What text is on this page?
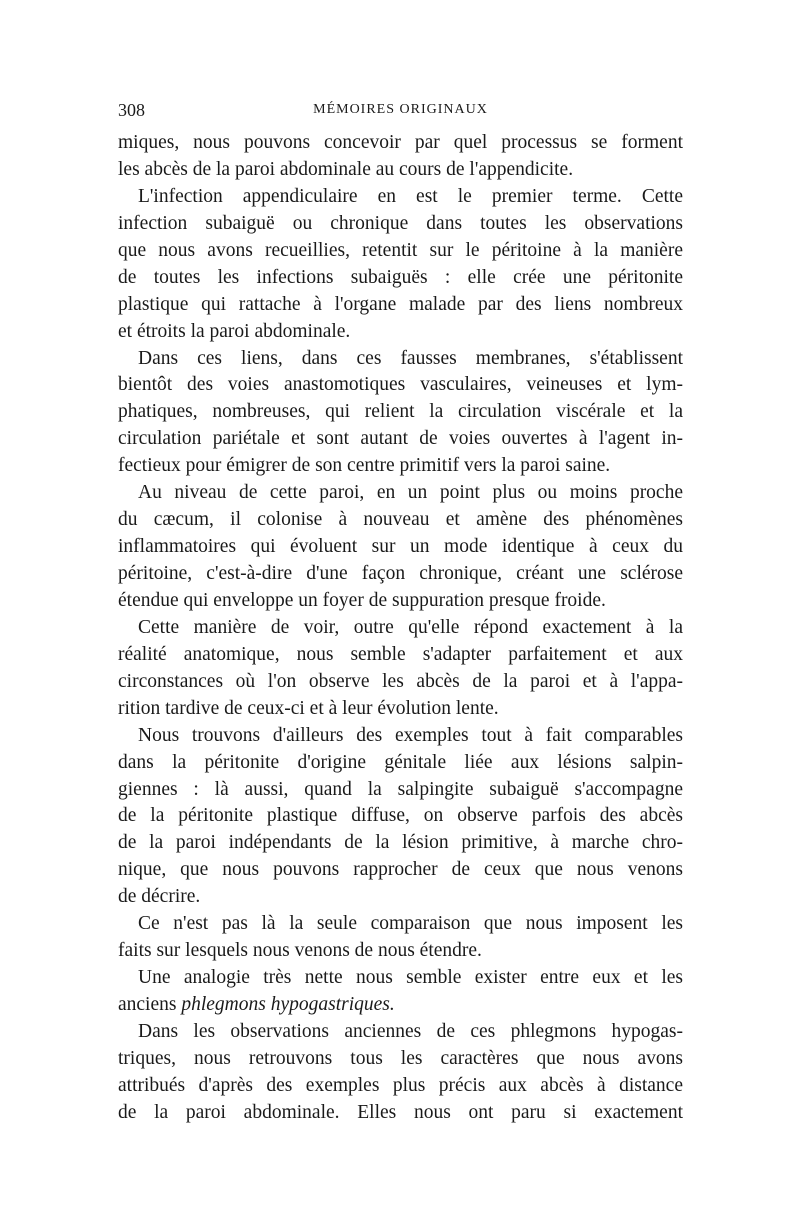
308	MÉMOIRES ORIGINAUX
miques, nous pouvons concevoir par quel processus se forment
les abcès de la paroi abdominale au cours de l'appendicite.
L'infection appendiculaire en est le premier terme. Cette
infection subaiguë ou chronique dans toutes les observations
que nous avons recueillies, retentit sur le péritoine à la manière
de toutes les infections subaiguës : elle crée une péritonite
plastique qui rattache à l'organe malade par des liens nombreux
et étroits la paroi abdominale.
Dans ces liens, dans ces fausses membranes, s'établissent
bientôt des voies anastomotiques vasculaires, veineuses et lym-
phatiques, nombreuses, qui relient la circulation viscérale et la
circulation pariétale et sont autant de voies ouvertes à l'agent in-
fectieux pour émigrer de son centre primitif vers la paroi saine.
Au niveau de cette paroi, en un point plus ou moins proche
du cæcum, il colonise à nouveau et amène des phénomènes
inflammatoires qui évoluent sur un mode identique à ceux du
péritoine, c'est-à-dire d'une façon chronique, créant une sclérose
étendue qui enveloppe un foyer de suppuration presque froide.
Cette manière de voir, outre qu'elle répond exactement à la
réalité anatomique, nous semble s'adapter parfaitement et aux
circonstances où l'on observe les abcès de la paroi et à l'appa-
rition tardive de ceux-ci et à leur évolution lente.
Nous trouvons d'ailleurs des exemples tout à fait comparables
dans la péritonite d'origine génitale liée aux lésions salpin-
giennes : là aussi, quand la salpingite subaiguë s'accompagne
de la péritonite plastique diffuse, on observe parfois des abcès
de la paroi indépendants de la lésion primitive, à marche chro-
nique, que nous pouvons rapprocher de ceux que nous venons
de décrire.
Ce n'est pas là la seule comparaison que nous imposent les
faits sur lesquels nous venons de nous étendre.
Une analogie très nette nous semble exister entre eux et les
anciens phlegmons hypogastriques.
Dans les observations anciennes de ces phlegmons hypogas-
triques, nous retrouvons tous les caractères que nous avons
attribués d'après des exemples plus précis aux abcès à distance
de la paroi abdominale. Elles nous ont paru si exactement
